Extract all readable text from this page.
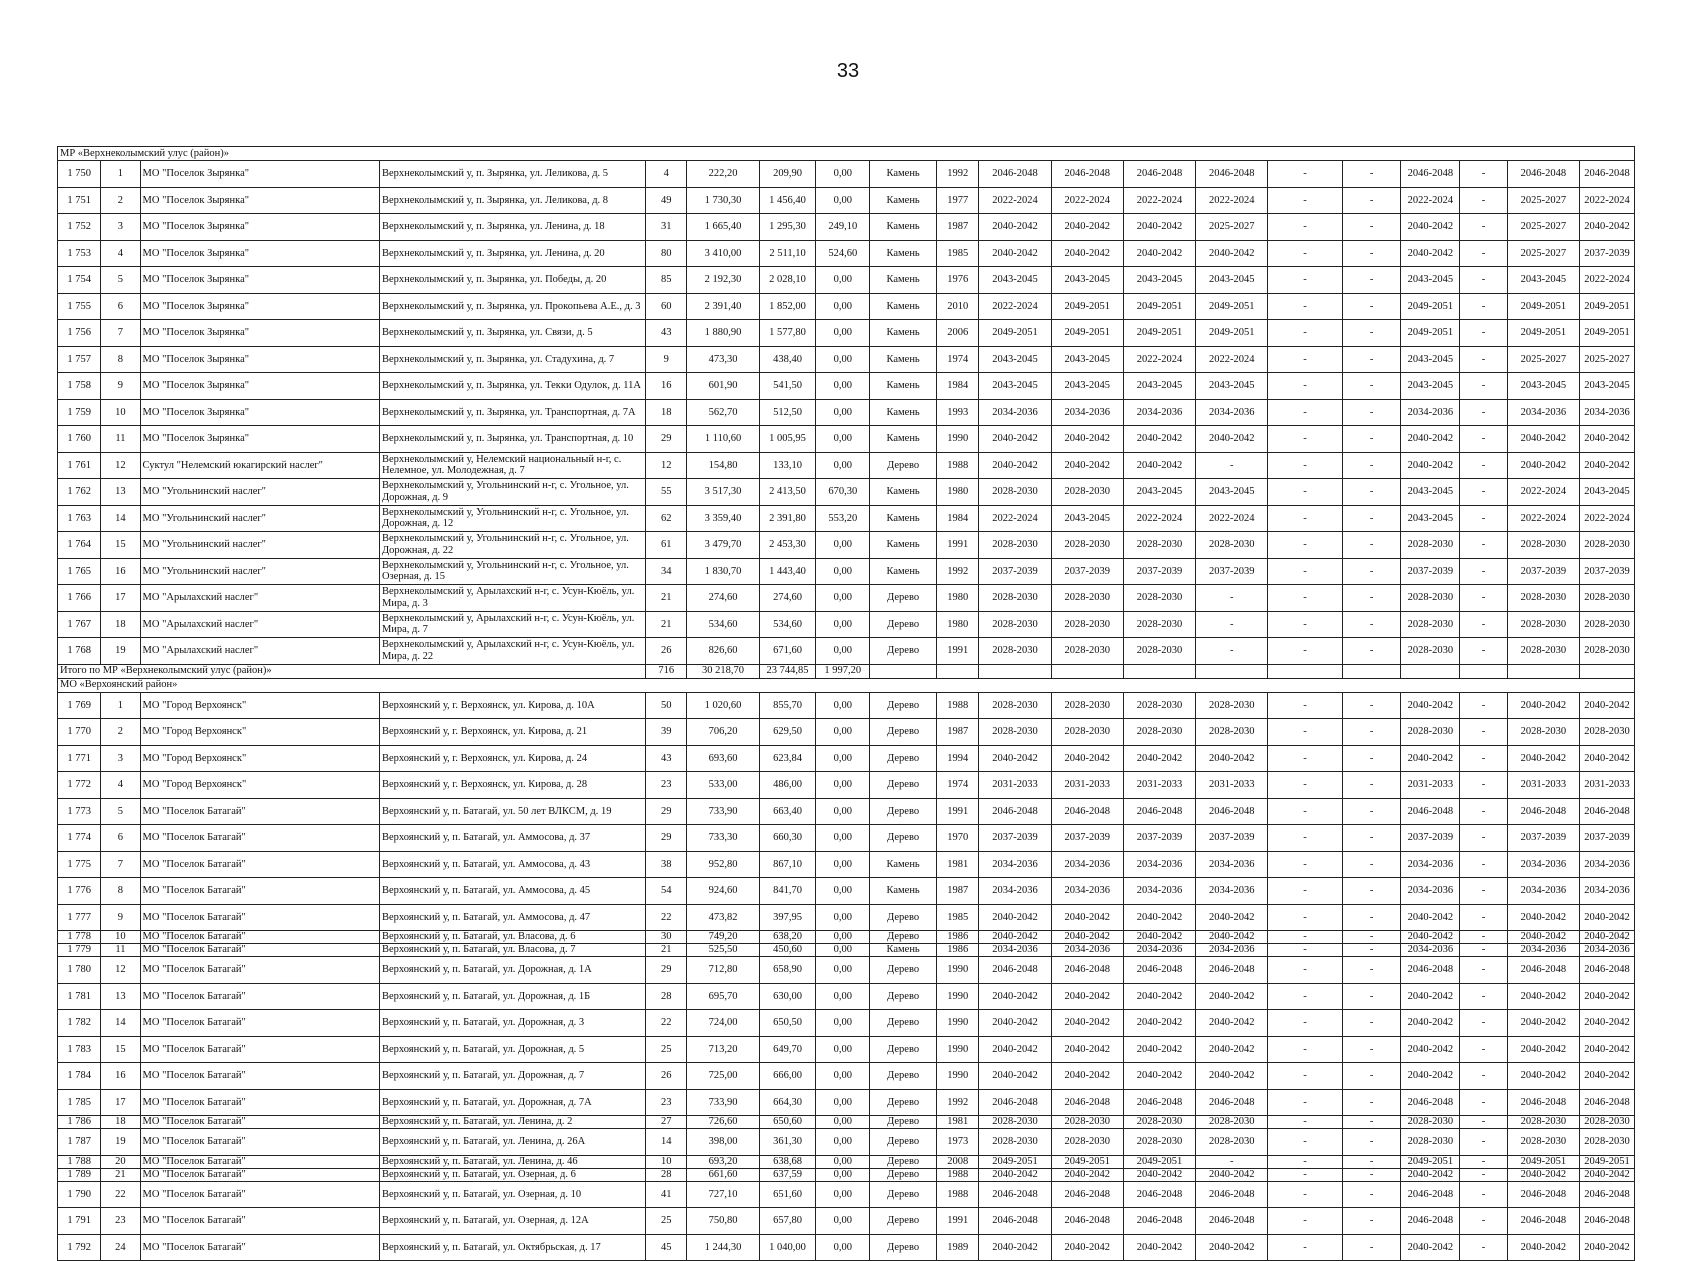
33
МР «Верхнеколымский улус (район)»																			
1 750	1	МО "Поселок Зырянка"	Верхнеколымский у, п. Зырянка, ул. Леликова, д. 5	4	222,20	209,90	0,00	Камень	1992	2046-2048	2046-2048	2046-2048	2046-2048	-	-	2046-2048	-	2046-2048	2046-2048
1 751	2	МО "Поселок Зырянка"	Верхнеколымский у, п. Зырянка, ул. Леликова, д. 8	49	1 730,30	1 456,40	0,00	Камень	1977	2022-2024	2022-2024	2022-2024	2022-2024	-	-	2022-2024	-	2025-2027	2022-2024
1 752	3	МО "Поселок Зырянка"	Верхнеколымский у, п. Зырянка, ул. Ленина, д. 18	31	1 665,40	1 295,30	249,10	Камень	1987	2040-2042	2040-2042	2040-2042	2025-2027	-	-	2040-2042	-	2025-2027	2040-2042
1 753	4	МО "Поселок Зырянка"	Верхнеколымский у, п. Зырянка, ул. Ленина, д. 20	80	3 410,00	2 511,10	524,60	Камень	1985	2040-2042	2040-2042	2040-2042	2040-2042	-	-	2040-2042	-	2025-2027	2037-2039
1 754	5	МО "Поселок Зырянка"	Верхнеколымский у, п. Зырянка, ул. Победы, д. 20	85	2 192,30	2 028,10	0,00	Камень	1976	2043-2045	2043-2045	2043-2045	2043-2045	-	-	2043-2045	-	2043-2045	2022-2024
1 755	6	МО "Поселок Зырянка"	Верхнеколымский у, п. Зырянка, ул. Прокопьева А.Е., д. 3	60	2 391,40	1 852,00	0,00	Камень	2010	2022-2024	2049-2051	2049-2051	2049-2051	-	-	2049-2051	-	2049-2051	2049-2051
1 756	7	МО "Поселок Зырянка"	Верхнеколымский у, п. Зырянка, ул. Связи, д. 5	43	1 880,90	1 577,80	0,00	Камень	2006	2049-2051	2049-2051	2049-2051	2049-2051	-	-	2049-2051	-	2049-2051	2049-2051
1 757	8	МО "Поселок Зырянка"	Верхнеколымский у, п. Зырянка, ул. Стадухина, д. 7	9	473,30	438,40	0,00	Камень	1974	2043-2045	2043-2045	2022-2024	2022-2024	-	-	2043-2045	-	2025-2027	2025-2027
1 758	9	МО "Поселок Зырянка"	Верхнеколымский у, п. Зырянка, ул. Текки Одулок, д. 11А	16	601,90	541,50	0,00	Камень	1984	2043-2045	2043-2045	2043-2045	2043-2045	-	-	2043-2045	-	2043-2045	2043-2045
1 759	10	МО "Поселок Зырянка"	Верхнеколымский у, п. Зырянка, ул. Транспортная, д. 7А	18	562,70	512,50	0,00	Камень	1993	2034-2036	2034-2036	2034-2036	2034-2036	-	-	2034-2036	-	2034-2036	2034-2036
1 760	11	МО "Поселок Зырянка"	Верхнеколымский у, п. Зырянка, ул. Транспортная, д. 10	29	1 110,60	1 005,95	0,00	Камень	1990	2040-2042	2040-2042	2040-2042	2040-2042	-	-	2040-2042	-	2040-2042	2040-2042
1 761	12	Суктул "Нелемский юкагирский наслег"	Верхнеколымский у, Нелемский национальный н-г, с. Нелемное, ул. Молодежная, д. 7	12	154,80	133,10	0,00	Дерево	1988	2040-2042	2040-2042	2040-2042	-	-	-	2040-2042	-	2040-2042	2040-2042
1 762	13	МО "Угольнинский наслег"	Верхнеколымский у, Угольнинский н-г, с. Угольное, ул. Дорожная, д. 9	55	3 517,30	2 413,50	670,30	Камень	1980	2028-2030	2028-2030	2043-2045	2043-2045	-	-	2043-2045	-	2022-2024	2043-2045
1 763	14	МО "Угольнинский наслег"	Верхнеколымский у, Угольнинский н-г, с. Угольное, ул. Дорожная, д. 12	62	3 359,40	2 391,80	553,20	Камень	1984	2022-2024	2043-2045	2022-2024	2022-2024	-	-	2043-2045	-	2022-2024	2022-2024
1 764	15	МО "Угольнинский наслег"	Верхнеколымский у, Угольнинский н-г, с. Угольное, ул. Дорожная, д. 22	61	3 479,70	2 453,30	0,00	Камень	1991	2028-2030	2028-2030	2028-2030	2028-2030	-	-	2028-2030	-	2028-2030	2028-2030
1 765	16	МО "Угольнинский наслег"	Верхнеколымский у, Угольнинский н-г, с. Угольное, ул. Озерная, д. 15	34	1 830,70	1 443,40	0,00	Камень	1992	2037-2039	2037-2039	2037-2039	2037-2039	-	-	2037-2039	-	2037-2039	2037-2039
1 766	17	МО "Арылахский наслег"	Верхнеколымский у, Арылахский н-г, с. Усун-Кюёль, ул. Мира, д. 3	21	274,60	274,60	0,00	Дерево	1980	2028-2030	2028-2030	2028-2030	-	-	-	2028-2030	-	2028-2030	2028-2030
1 767	18	МО "Арылахский наслег"	Верхнеколымский у, Арылахский н-г, с. Усун-Кюёль, ул. Мира, д. 7	21	534,60	534,60	0,00	Дерево	1980	2028-2030	2028-2030	2028-2030	-	-	-	2028-2030	-	2028-2030	2028-2030
1 768	19	МО "Арылахский наслег"	Верхнеколымский у, Арылахский н-г, с. Усун-Кюёль, ул. Мира, д. 22	26	826,60	671,60	0,00	Дерево	1991	2028-2030	2028-2030	2028-2030	-	-	-	2028-2030	-	2028-2030	2028-2030
Итого по МР «Верхнеколымский улус (район)»				716	30 218,70	23 744,85	1 997,20												
МО «Верхоянский район»																			
1 769	1	МО "Город Верхоянск"	Верхоянский у, г. Верхоянск, ул. Кирова, д. 10А	50	1 020,60	855,70	0,00	Дерево	1988	2028-2030	2028-2030	2028-2030	2028-2030	-	-	2040-2042	-	2040-2042	2040-2042
1 770	2	МО "Город Верхоянск"	Верхоянский у, г. Верхоянск, ул. Кирова, д. 21	39	706,20	629,50	0,00	Дерево	1987	2028-2030	2028-2030	2028-2030	2028-2030	-	-	2028-2030	-	2028-2030	2028-2030
1 771	3	МО "Город Верхоянск"	Верхоянский у, г. Верхоянск, ул. Кирова, д. 24	43	693,60	623,84	0,00	Дерево	1994	2040-2042	2040-2042	2040-2042	2040-2042	-	-	2040-2042	-	2040-2042	2040-2042
1 772	4	МО "Город Верхоянск"	Верхоянский у, г. Верхоянск, ул. Кирова, д. 28	23	533,00	486,00	0,00	Дерево	1974	2031-2033	2031-2033	2031-2033	2031-2033	-	-	2031-2033	-	2031-2033	2031-2033
1 773	5	МО "Поселок Батагай"	Верхоянский у, п. Батагай, ул. 50 лет ВЛКСМ, д. 19	29	733,90	663,40	0,00	Дерево	1991	2046-2048	2046-2048	2046-2048	2046-2048	-	-	2046-2048	-	2046-2048	2046-2048
1 774	6	МО "Поселок Батагай"	Верхоянский у, п. Батагай, ул. Аммосова, д. 37	29	733,30	660,30	0,00	Дерево	1970	2037-2039	2037-2039	2037-2039	2037-2039	-	-	2037-2039	-	2037-2039	2037-2039
1 775	7	МО "Поселок Батагай"	Верхоянский у, п. Батагай, ул. Аммосова, д. 43	38	952,80	867,10	0,00	Камень	1981	2034-2036	2034-2036	2034-2036	2034-2036	-	-	2034-2036	-	2034-2036	2034-2036
1 776	8	МО "Поселок Батагай"	Верхоянский у, п. Батагай, ул. Аммосова, д. 45	54	924,60	841,70	0,00	Камень	1987	2034-2036	2034-2036	2034-2036	2034-2036	-	-	2034-2036	-	2034-2036	2034-2036
1 777	9	МО "Поселок Батагай"	Верхоянский у, п. Батагай, ул. Аммосова, д. 47	22	473,82	397,95	0,00	Дерево	1985	2040-2042	2040-2042	2040-2042	2040-2042	-	-	2040-2042	-	2040-2042	2040-2042
1 778	10	МО "Поселок Батагай"	Верхоянский у, п. Батагай, ул. Власова, д. 6	30	749,20	638,20	0,00	Дерево	1986	2040-2042	2040-2042	2040-2042	2040-2042	-	-	2040-2042	-	2040-2042	2040-2042
1 779	11	МО "Поселок Батагай"	Верхоянский у, п. Батагай, ул. Власова, д. 7	21	525,50	450,60	0,00	Камень	1986	2034-2036	2034-2036	2034-2036	2034-2036	-	-	2034-2036	-	2034-2036	2034-2036
1 780	12	МО "Поселок Батагай"	Верхоянский у, п. Батагай, ул. Дорожная, д. 1А	29	712,80	658,90	0,00	Дерево	1990	2046-2048	2046-2048	2046-2048	2046-2048	-	-	2046-2048	-	2046-2048	2046-2048
1 781	13	МО "Поселок Батагай"	Верхоянский у, п. Батагай, ул. Дорожная, д. 1Б	28	695,70	630,00	0,00	Дерево	1990	2040-2042	2040-2042	2040-2042	2040-2042	-	-	2040-2042	-	2040-2042	2040-2042
1 782	14	МО "Поселок Батагай"	Верхоянский у, п. Батагай, ул. Дорожная, д. 3	22	724,00	650,50	0,00	Дерево	1990	2040-2042	2040-2042	2040-2042	2040-2042	-	-	2040-2042	-	2040-2042	2040-2042
1 783	15	МО "Поселок Батагай"	Верхоянский у, п. Батагай, ул. Дорожная, д. 5	25	713,20	649,70	0,00	Дерево	1990	2040-2042	2040-2042	2040-2042	2040-2042	-	-	2040-2042	-	2040-2042	2040-2042
1 784	16	МО "Поселок Батагай"	Верхоянский у, п. Батагай, ул. Дорожная, д. 7	26	725,00	666,00	0,00	Дерево	1990	2040-2042	2040-2042	2040-2042	2040-2042	-	-	2040-2042	-	2040-2042	2040-2042
1 785	17	МО "Поселок Батагай"	Верхоянский у, п. Батагай, ул. Дорожная, д. 7А	23	733,90	664,30	0,00	Дерево	1992	2046-2048	2046-2048	2046-2048	2046-2048	-	-	2046-2048	-	2046-2048	2046-2048
1 786	18	МО "Поселок Батагай"	Верхоянский у, п. Батагай, ул. Ленина, д. 2	27	726,60	650,60	0,00	Дерево	1981	2028-2030	2028-2030	2028-2030	2028-2030	-	-	2028-2030	-	2028-2030	2028-2030
1 787	19	МО "Поселок Батагай"	Верхоянский у, п. Батагай, ул. Ленина, д. 26А	14	398,00	361,30	0,00	Дерево	1973	2028-2030	2028-2030	2028-2030	2028-2030	-	-	2028-2030	-	2028-2030	2028-2030
1 788	20	МО "Поселок Батагай"	Верхоянский у, п. Батагай, ул. Ленина, д. 46	10	693,20	638,68	0,00	Дерево	2008	2049-2051	2049-2051	2049-2051	-	-	-	2049-2051	-	2049-2051	2049-2051
1 789	21	МО "Поселок Батагай"	Верхоянский у, п. Батагай, ул. Озерная, д. 6	28	661,60	637,59	0,00	Дерево	1988	2040-2042	2040-2042	2040-2042	2040-2042	-	-	2040-2042	-	2040-2042	2040-2042
1 790	22	МО "Поселок Батагай"	Верхоянский у, п. Батагай, ул. Озерная, д. 10	41	727,10	651,60	0,00	Дерево	1988	2046-2048	2046-2048	2046-2048	2046-2048	-	-	2046-2048	-	2046-2048	2046-2048
1 791	23	МО "Поселок Батагай"	Верхоянский у, п. Батагай, ул. Озерная, д. 12А	25	750,80	657,80	0,00	Дерево	1991	2046-2048	2046-2048	2046-2048	2046-2048	-	-	2046-2048	-	2046-2048	2046-2048
1 792	24	МО "Поселок Батагай"	Верхоянский у, п. Батагай, ул. Октябрьская, д. 17	45	1 244,30	1 040,00	0,00	Дерево	1989	2040-2042	2040-2042	2040-2042	2040-2042	-	-	2040-2042	-	2040-2042	2040-2042
